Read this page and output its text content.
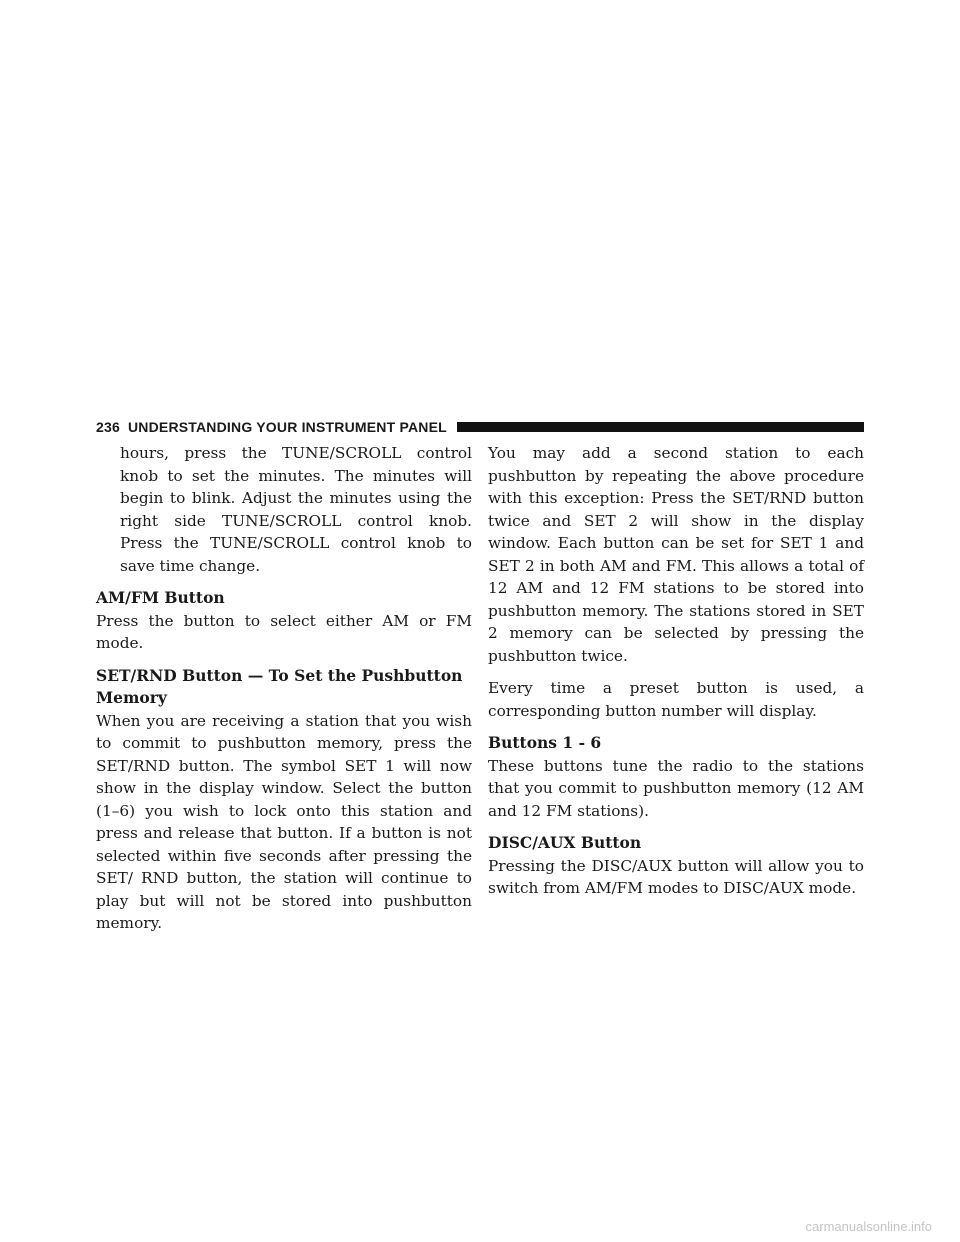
236 UNDERSTANDING YOUR INSTRUMENT PANEL

hours, press the TUNE/SCROLL control knob to set the minutes. The minutes will begin to blink. Adjust the minutes using the right side TUNE/SCROLL control knob. Press the TUNE/SCROLL control knob to save time change.

AM/FM Button

Press the button to select either AM or FM mode.

SET/RND Button — To Set the Pushbutton
Memory

When you are receiving a station that you wish to commit to pushbutton memory, press the SET/RND button. The symbol SET 1 will now show in the display window. Select the button (1–6) you wish to lock onto this station and press and release that button. If a button is not selected within five seconds after pressing the SET/ RND button, the station will continue to play but will not be stored into pushbutton memory.

You may add a second station to each pushbutton by repeating the above procedure with this exception: Press the SET/RND button twice and SET 2 will show in the display window. Each button can be set for SET 1 and SET 2 in both AM and FM. This allows a total of 12 AM and 12 FM stations to be stored into pushbutton memory. The stations stored in SET 2 memory can be selected by pressing the pushbutton twice.

Every time a preset button is used, a corresponding button number will display.

Buttons 1 - 6

These buttons tune the radio to the stations that you commit to pushbutton memory (12 AM and 12 FM stations).

DISC/AUX Button

Pressing the DISC/AUX button will allow you to switch from AM/FM modes to DISC/AUX mode.

carmanualsonline.info
